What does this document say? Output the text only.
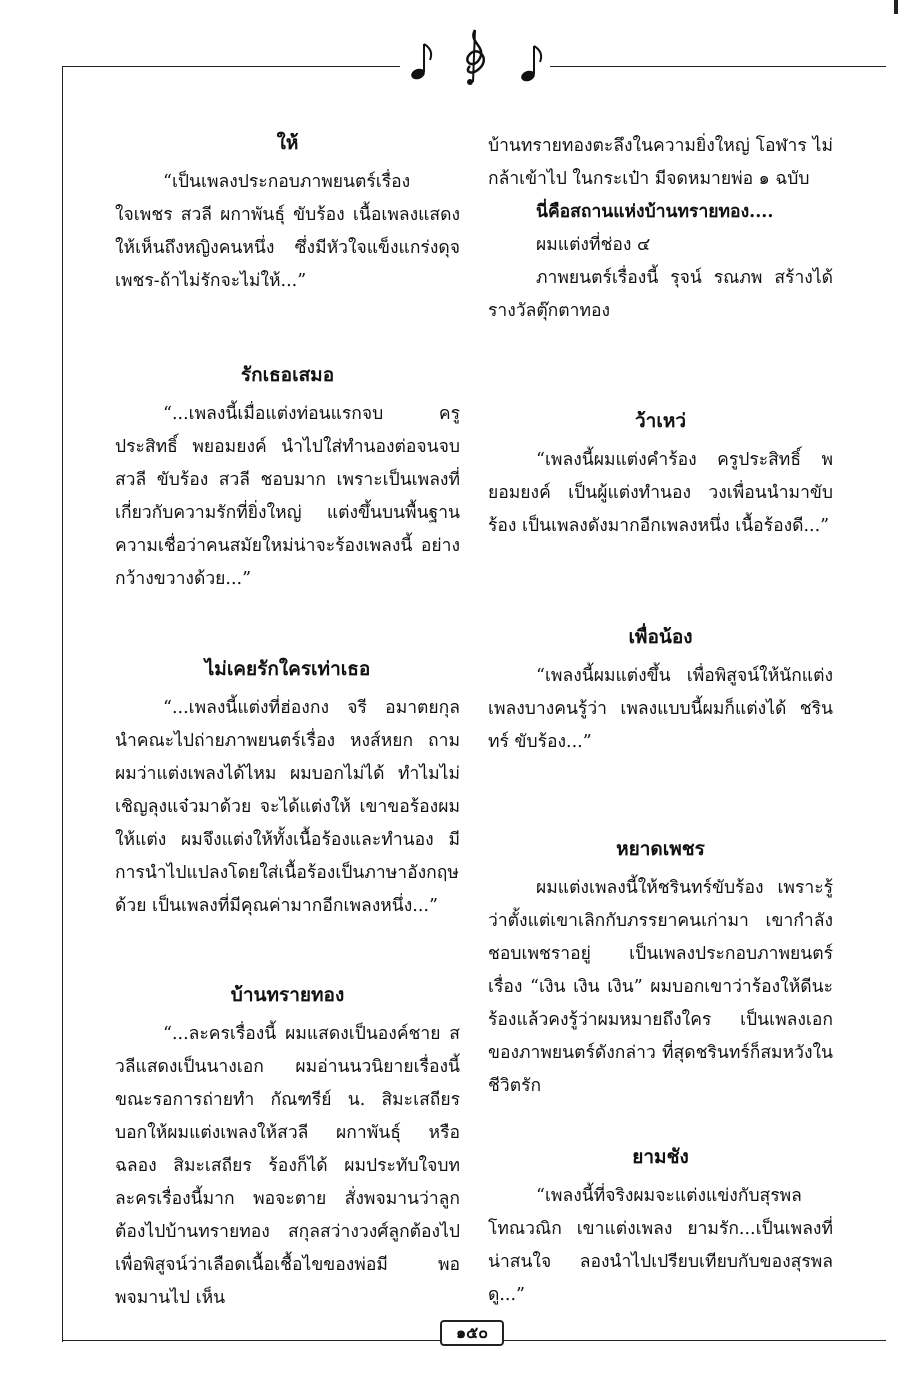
ให้

“เป็นเพลงประกอบภาพยนตร์เรื่อง ใจเพชร สวลี ผกาพันธุ์ ขับร้อง เนื้อเพลงแสดงให้เห็นถึงหญิงคนหนึ่ง ซึ่งมีหัวใจแข็งแกร่งดุจเพชร-ถ้าไม่รักจะไม่ให้...”

รักเธอเสมอ

“...เพลงนี้เมื่อแต่งท่อนแรกจบ ครูประสิทธิ์ พยอมยงค์ นำไปใส่ทำนองต่อจนจบ สวลี ขับร้อง สวลี ชอบมาก เพราะเป็นเพลงที่เกี่ยวกับความรักที่ยิ่งใหญ่ แต่งขึ้นบนพื้นฐานความเชื่อว่าคนสมัยใหม่น่าจะร้องเพลงนี้ อย่างกว้างขวางด้วย...”

ไม่เคยรักใครเท่าเธอ

“...เพลงนี้แต่งที่ฮ่องกง จรี อมาตยกุล นำคณะไปถ่ายภาพยนตร์เรื่อง หงส์หยก ถามผมว่าแต่งเพลงได้ไหม ผมบอกไม่ได้ ทำไมไม่เชิญลุงแจ๋วมาด้วย จะได้แต่งให้ เขาขอร้องผมให้แต่ง ผมจึงแต่งให้ทั้งเนื้อร้องและทำนอง มีการนำไปแปลงโดยใส่เนื้อร้องเป็นภาษาอังกฤษด้วย เป็นเพลงที่มีคุณค่ามากอีกเพลงหนึ่ง...”

บ้านทรายทอง

“...ละครเรื่องนี้ ผมแสดงเป็นองค์ชาย สวลีแสดงเป็นนางเอก ผมอ่านนวนิยายเรื่องนี้ขณะรอการถ่ายทำ กัณฑรีย์ น. สิมะเสถียร บอกให้ผมแต่งเพลงให้สวลี ผกาพันธุ์ หรือ ฉลอง สิมะเสถียร ร้องก็ได้ ผมประทับใจบทละครเรื่องนี้มาก พอจะตาย สั่งพจมานว่าลูกต้องไปบ้านทรายทอง สกุลสว่างวงศ์ลูกต้องไปเพื่อพิสูจน์ว่าเลือดเนื้อเชื้อไขของพ่อมี พอพจมานไป เห็น

บ้านทรายทองตะลึงในความยิ่งใหญ่ โอฬาร ไม่กล้าเข้าไป ในกระเป๋า มีจดหมายพ่อ ๑ ฉบับ

นี่คือสถานแห่งบ้านทรายทอง....
ผมแต่งที่ช่อง ๔

ภาพยนตร์เรื่องนี้ รุจน์ รณภพ สร้างได้รางวัลตุ๊กตาทอง

ว้าเหว่

“เพลงนี้ผมแต่งคำร้อง ครูประสิทธิ์ พยอมยงค์ เป็นผู้แต่งทำนอง วงเพื่อนนำมาขับร้อง เป็นเพลงดังมากอีกเพลงหนึ่ง เนื้อร้องดี...”

เพื่อน้อง

“เพลงนี้ผมแต่งขึ้น เพื่อพิสูจน์ให้นักแต่งเพลงบางคนรู้ว่า เพลงแบบนี้ผมก็แต่งได้ ชรินทร์ ขับร้อง...”

หยาดเพชร

ผมแต่งเพลงนี้ให้ชรินทร์ขับร้อง เพราะรู้ว่าตั้งแต่เขาเลิกกับภรรยาคนเก่ามา เขากำลังชอบเพชราอยู่ เป็นเพลงประกอบภาพยนตร์เรื่อง “เงิน เงิน เงิน” ผมบอกเขาว่าร้องให้ดีนะ ร้องแล้วคงรู้ว่าผมหมายถึงใคร เป็นเพลงเอกของภาพยนตร์ดังกล่าว ที่สุดชรินทร์ก็สมหวังในชีวิตรัก

ยามชัง

“เพลงนี้ที่จริงผมจะแต่งแข่งกับสุรพล โทณวณิก เขาแต่งเพลง ยามรัก...เป็นเพลงที่น่าสนใจ ลองนำไปเปรียบเทียบกับของสุรพลดู...”

๑๕๐
